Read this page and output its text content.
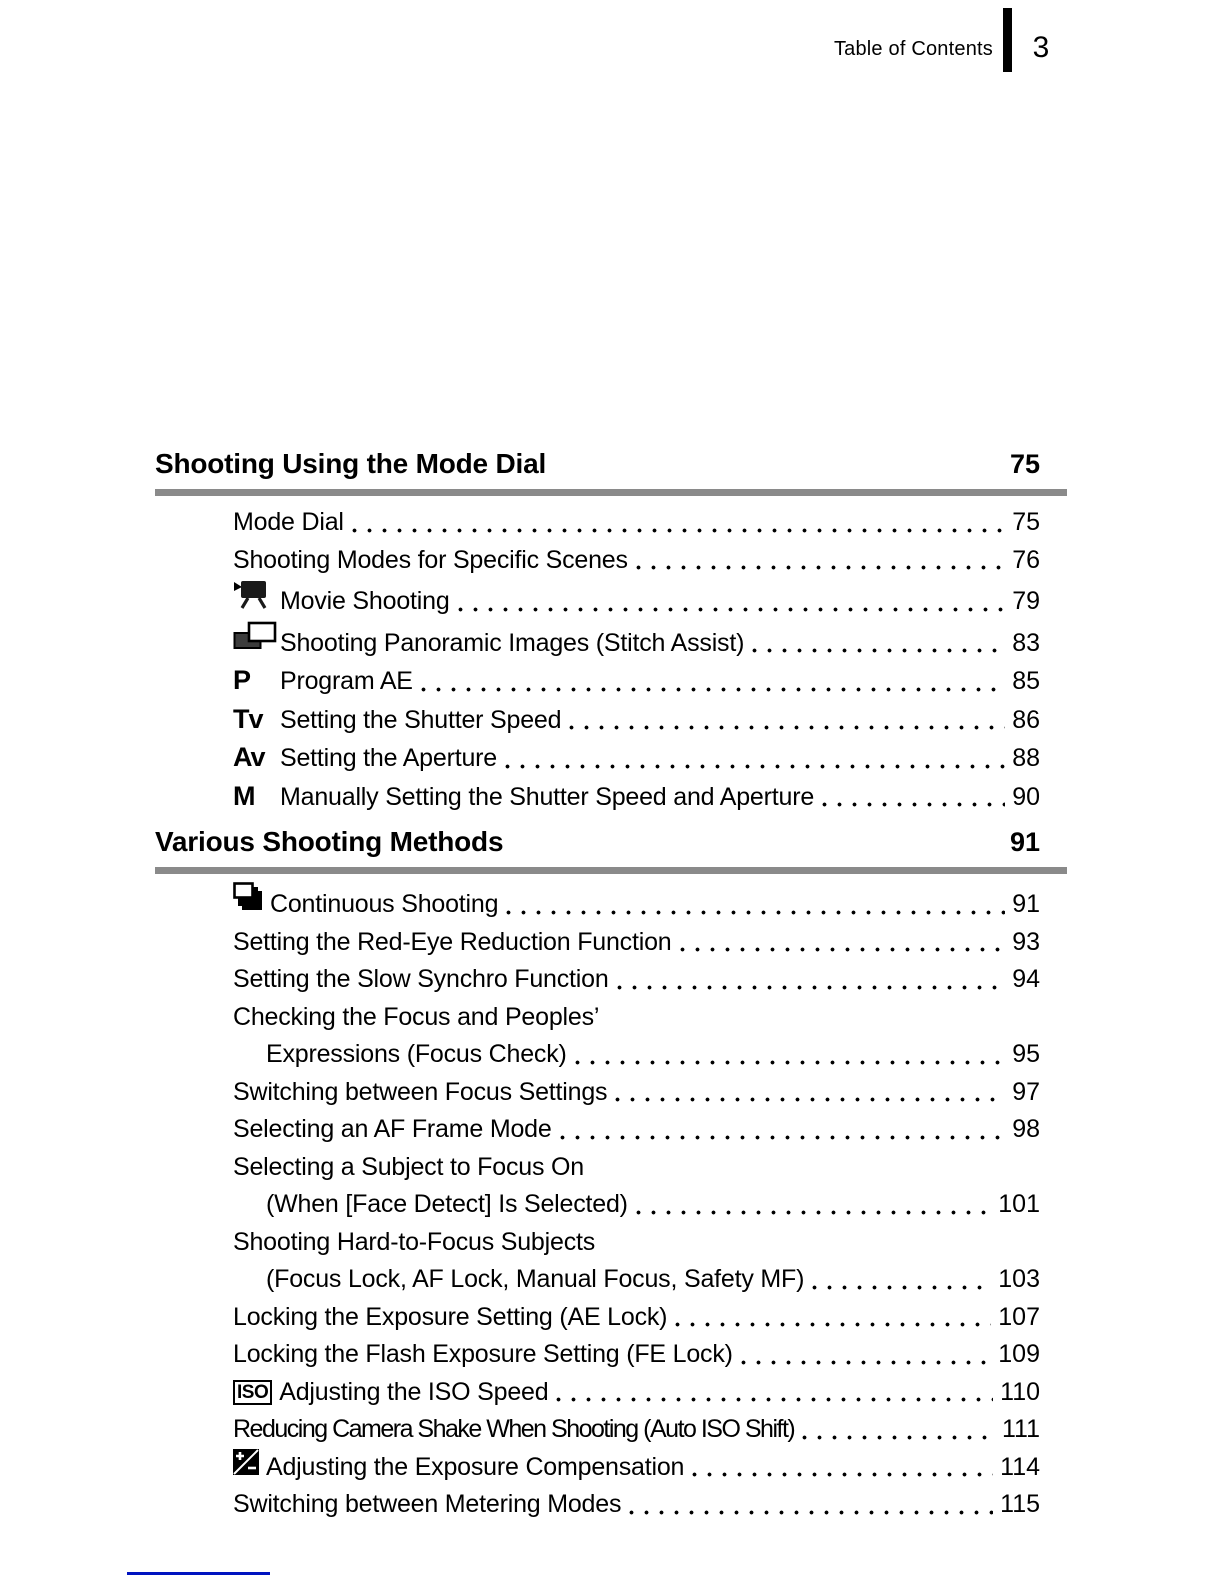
Table of Contents	3
Shooting Using the Mode Dial	75
Mode Dial	75
Shooting Modes for Specific Scenes	76
Movie Shooting	79
Shooting Panoramic Images (Stitch Assist)	83
P	Program AE	85
Tv Setting the Shutter Speed	86
Av Setting the Aperture	88
M	Manually Setting the Shutter Speed and Aperture	90
Various Shooting Methods	91
Continuous Shooting	91
Setting the Red-Eye Reduction Function	93
Setting the Slow Synchro Function	94
Checking the Focus and Peoples’
Expressions (Focus Check)	95
Switching between Focus Settings	97
Selecting an AF Frame Mode	98
Selecting a Subject to Focus On
(When [Face Detect] Is Selected)	101
Shooting Hard-to-Focus Subjects
(Focus Lock, AF Lock, Manual Focus, Safety MF)	103
Locking the Exposure Setting (AE Lock)	107
Locking the Flash Exposure Setting (FE Lock)	109
ISO Adjusting the ISO Speed	110
Reducing Camera Shake When Shooting (Auto ISO Shift)	111
Adjusting the Exposure Compensation	114
Switching between Metering Modes	115
